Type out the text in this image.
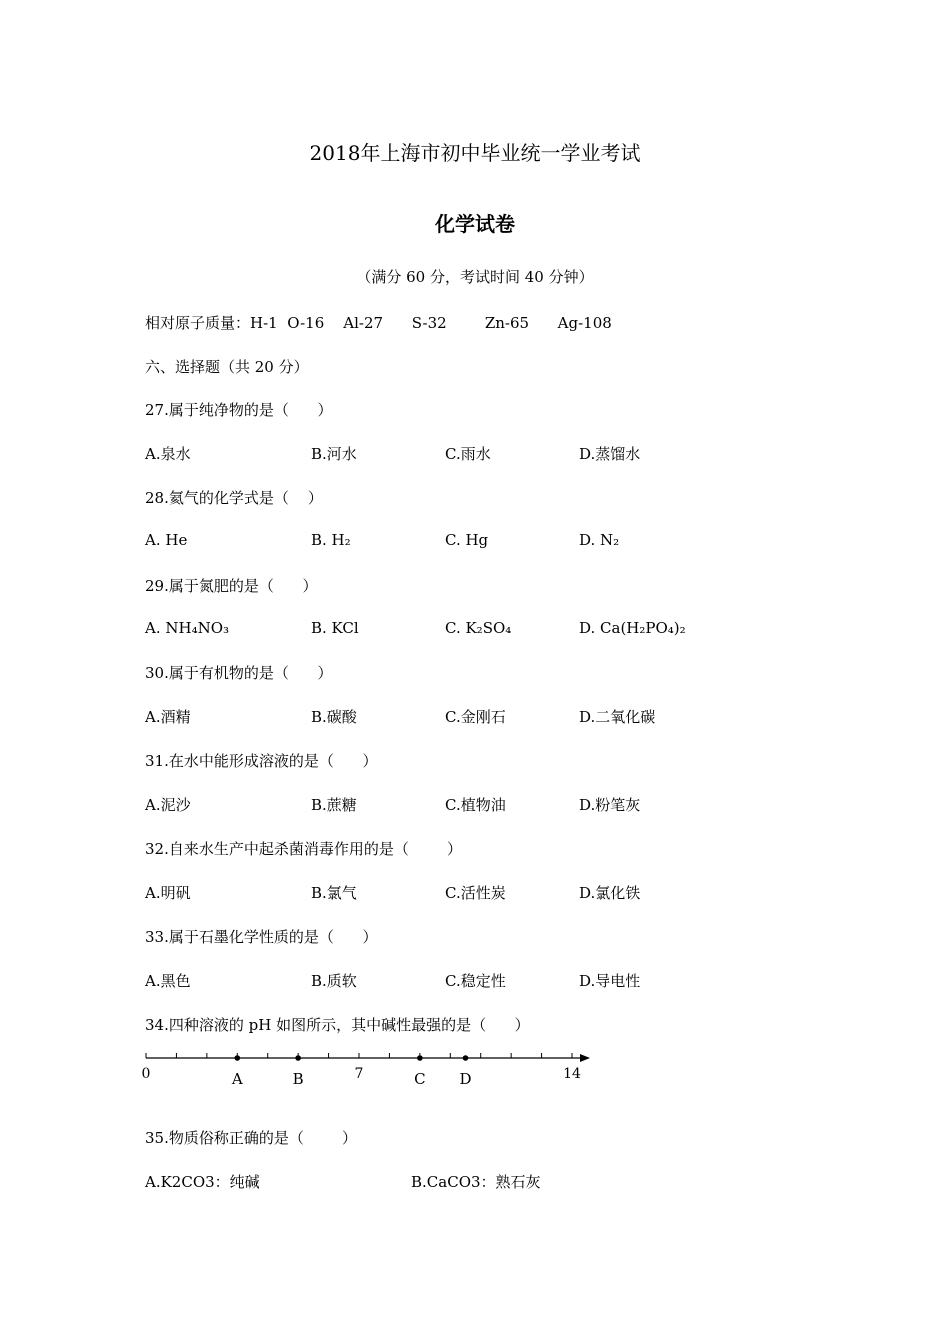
2018年上海市初中毕业统一学业考试
化学试卷
（满分 60 分，考试时间 40 分钟）
相对原子质量：H-1  O-16    Al-27      S-32        Zn-65      Ag-108
六、选择题（共 20 分）
27.属于纯净物的是（      ）
A.泉水	B.河水	C.雨水	D.蒸馏水
28.氦气的化学式是（    ）
A. He	B. H₂	C. Hg	D. N₂
29.属于氮肥的是（      ）
A. NH₄NO₃	B. KCl	C. K₂SO₄	D. Ca(H₂PO₄)₂
30.属于有机物的是（      ）
A.酒精	B.碳酸	C.金刚石	D.二氧化碳
31.在水中能形成溶液的是（      ）
A.泥沙	B.蔗糖	C.植物油	D.粉笔灰
32.自来水生产中起杀菌消毒作用的是（        ）
A.明矾	B.氯气	C.活性炭	D.氯化铁
33.属于石墨化学性质的是（      ）
A.黑色	B.质软	C.稳定性	D.导电性
34.四种溶液的 pH 如图所示，其中碱性最强的是（      ）
A	B	C D
0	7	14
35.物质俗称正确的是（        ）
A.K2CO3：纯碱	B.CaCO3：熟石灰
